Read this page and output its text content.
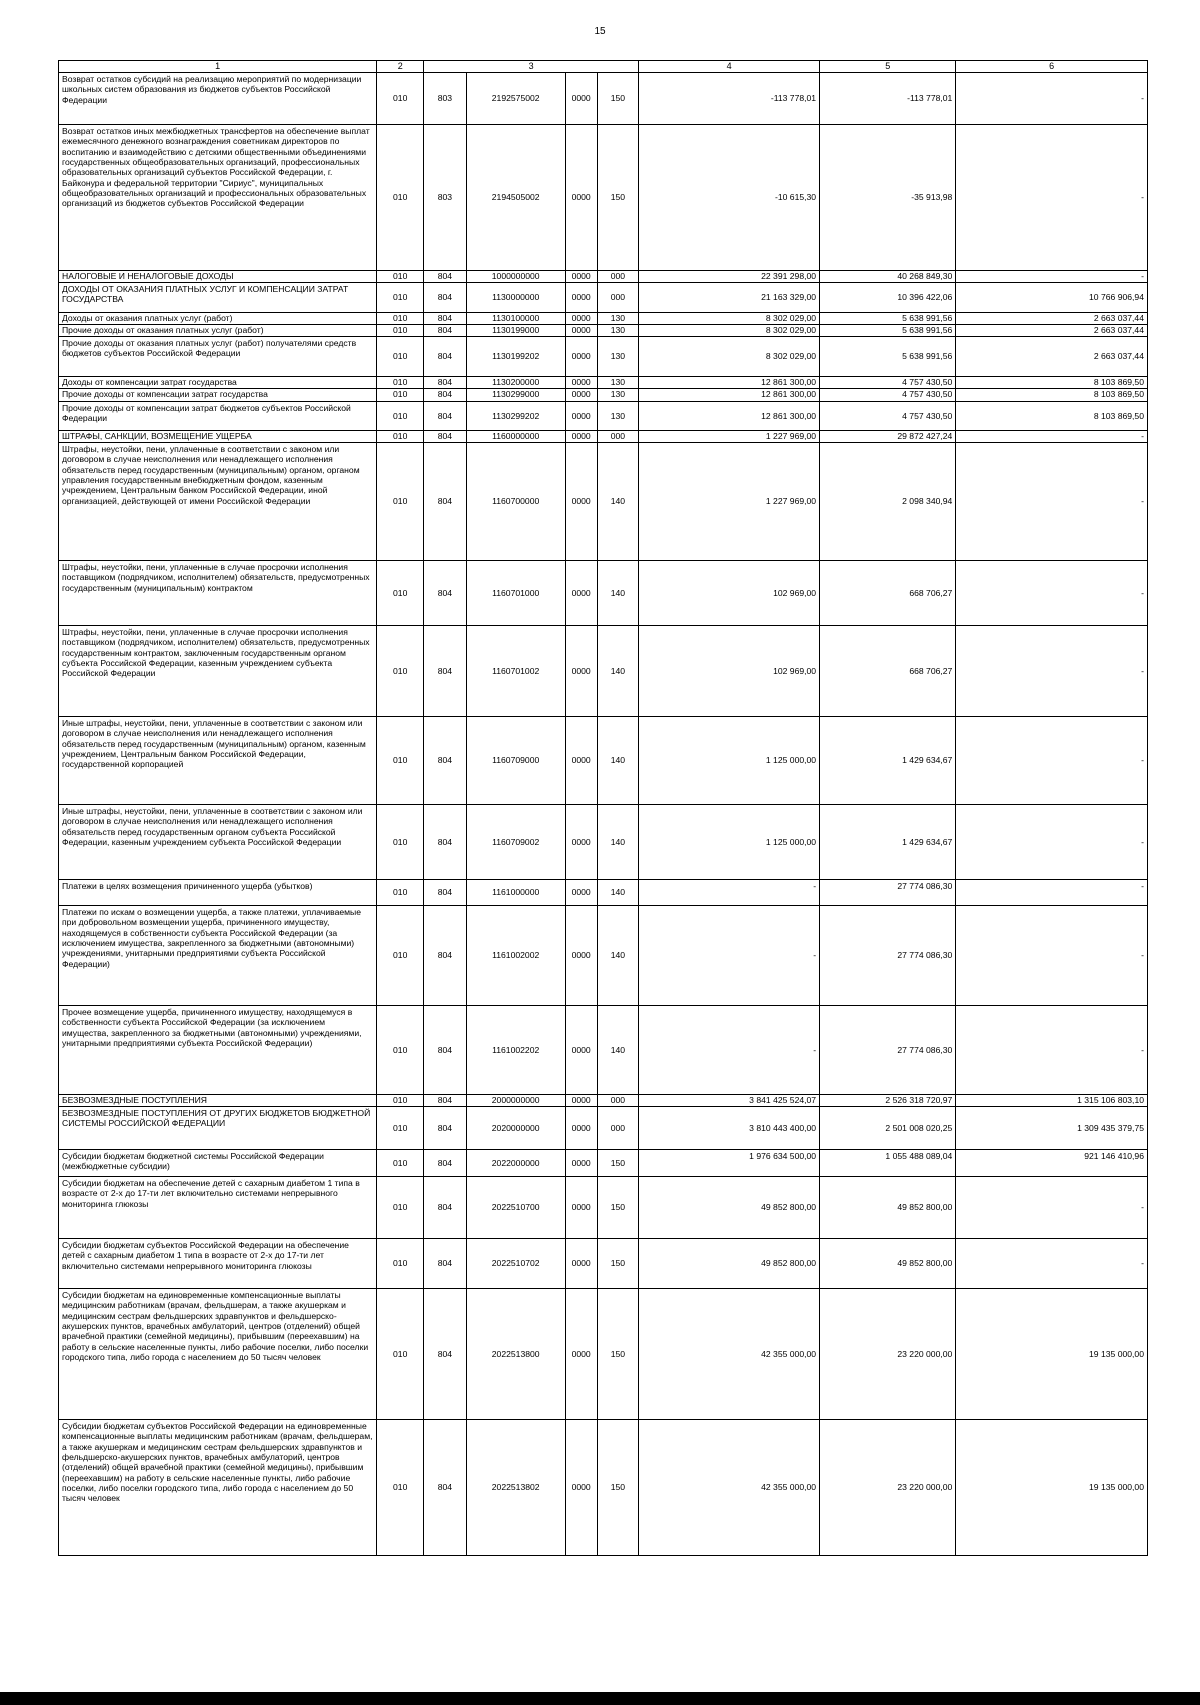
15
1	2	3				4	5	6
Возврат остатков субсидий на реализацию мероприятий по модернизации школьных систем образования из бюджетов субъектов Российской Федерации	010	803	2192575002	0000	150	-113 778,01	-113 778,01	-
Возврат остатков иных межбюджетных трансфертов на обеспечение выплат ежемесячного денежного вознаграждения советникам директоров по воспитанию и взаимодействию с детскими общественными объединениями государственных общеобразовательных организаций, профессиональных образовательных организаций субъектов Российской Федерации, г. Байконура и федеральной территории "Сириус", муниципальных общеобразовательных организаций и профессиональных образовательных организаций из бюджетов субъектов Российской Федерации	010	803	2194505002	0000	150	-10 615,30	-35 913,98	-
НАЛОГОВЫЕ И НЕНАЛОГОВЫЕ ДОХОДЫ	010	804	1000000000	0000	000	22 391 298,00	40 268 849,30	-
ДОХОДЫ ОТ ОКАЗАНИЯ ПЛАТНЫХ УСЛУГ И КОМПЕНСАЦИИ ЗАТРАТ ГОСУДАРСТВА	010	804	1130000000	0000	000	21 163 329,00	10 396 422,06	10 766 906,94
Доходы от оказания платных услуг (работ)	010	804	1130100000	0000	130	8 302 029,00	5 638 991,56	2 663 037,44
Прочие доходы от оказания платных услуг (работ)	010	804	1130199000	0000	130	8 302 029,00	5 638 991,56	2 663 037,44
Прочие доходы от оказания платных услуг (работ) получателями средств бюджетов субъектов Российской Федерации	010	804	1130199202	0000	130	8 302 029,00	5 638 991,56	2 663 037,44
Доходы от компенсации затрат государства	010	804	1130200000	0000	130	12 861 300,00	4 757 430,50	8 103 869,50
Прочие доходы от компенсации затрат государства	010	804	1130299000	0000	130	12 861 300,00	4 757 430,50	8 103 869,50
Прочие доходы от компенсации затрат бюджетов субъектов Российской Федерации	010	804	1130299202	0000	130	12 861 300,00	4 757 430,50	8 103 869,50
ШТРАФЫ, САНКЦИИ, ВОЗМЕЩЕНИЕ УЩЕРБА	010	804	1160000000	0000	000	1 227 969,00	29 872 427,24	-
Штрафы, неустойки, пени, уплаченные в соответствии с законом или договором в случае неисполнения или ненадлежащего исполнения обязательств перед государственным (муниципальным) органом, органом управления государственным внебюджетным фондом, казенным учреждением, Центральным банком Российской Федерации, иной организацией, действующей от имени Российской Федерации	010	804	1160700000	0000	140	1 227 969,00	2 098 340,94	-
Штрафы, неустойки, пени, уплаченные в случае просрочки исполнения поставщиком (подрядчиком, исполнителем) обязательств, предусмотренных государственным (муниципальным) контрактом	010	804	1160701000	0000	140	102 969,00	668 706,27	-
Штрафы, неустойки, пени, уплаченные в случае просрочки исполнения поставщиком (подрядчиком, исполнителем) обязательств, предусмотренных государственным контрактом, заключенным государственным органом субъекта Российской Федерации, казенным учреждением субъекта Российской Федерации	010	804	1160701002	0000	140	102 969,00	668 706,27	-
Иные штрафы, неустойки, пени, уплаченные в соответствии с законом или договором в случае неисполнения или ненадлежащего исполнения обязательств перед государственным (муниципальным) органом, казенным учреждением, Центральным банком Российской Федерации, государственной корпорацией	010	804	1160709000	0000	140	1 125 000,00	1 429 634,67	-
Иные штрафы, неустойки, пени, уплаченные в соответствии с законом или договором в случае неисполнения или ненадлежащего исполнения обязательств перед государственным органом субъекта Российской Федерации, казенным учреждением субъекта Российской Федерации	010	804	1160709002	0000	140	1 125 000,00	1 429 634,67	-
Платежи в целях возмещения причиненного ущерба (убытков)	010	804	1161000000	0000	140	-	27 774 086,30	-
Платежи по искам о возмещении ущерба, а также платежи, уплачиваемые при добровольном возмещении ущерба, причиненного имуществу, находящемуся в собственности субъекта Российской Федерации (за исключением имущества, закрепленного за бюджетными (автономными) учреждениями, унитарными предприятиями субъекта Российской Федерации)	010	804	1161002002	0000	140	-	27 774 086,30	-
Прочее возмещение ущерба, причиненного имуществу, находящемуся в собственности субъекта Российской Федерации (за исключением имущества, закрепленного за бюджетными (автономными) учреждениями, унитарными предприятиями субъекта Российской Федерации)	010	804	1161002202	0000	140	-	27 774 086,30	-
БЕЗВОЗМЕЗДНЫЕ ПОСТУПЛЕНИЯ	010	804	2000000000	0000	000	3 841 425 524,07	2 526 318 720,97	1 315 106 803,10
БЕЗВОЗМЕЗДНЫЕ ПОСТУПЛЕНИЯ ОТ ДРУГИХ БЮДЖЕТОВ БЮДЖЕТНОЙ СИСТЕМЫ РОССИЙСКОЙ ФЕДЕРАЦИИ	010	804	2020000000	0000	000	3 810 443 400,00	2 501 008 020,25	1 309 435 379,75
Субсидии бюджетам бюджетной системы Российской Федерации (межбюджетные субсидии)	010	804	2022000000	0000	150	1 976 634 500,00	1 055 488 089,04	921 146 410,96
Субсидии бюджетам на обеспечение детей с сахарным диабетом 1 типа в возрасте от 2-х до 17-ти лет включительно системами непрерывного мониторинга глюкозы	010	804	2022510700	0000	150	49 852 800,00	49 852 800,00	-
Субсидии бюджетам субъектов Российской Федерации на обеспечение детей с сахарным диабетом 1 типа в возрасте от 2-х до 17-ти лет включительно системами непрерывного мониторинга глюкозы	010	804	2022510702	0000	150	49 852 800,00	49 852 800,00	-
Субсидии бюджетам на единовременные компенсационные выплаты медицинским работникам (врачам, фельдшерам, а также акушеркам и медицинским сестрам фельдшерских здравпунктов и фельдшерско-акушерских пунктов, врачебных амбулаторий, центров (отделений) общей врачебной практики (семейной медицины), прибывшим (переехавшим) на работу в сельские населенные пункты, либо рабочие поселки, либо поселки городского типа, либо города с населением до 50 тысяч человек	010	804	2022513800	0000	150	42 355 000,00	23 220 000,00	19 135 000,00
Субсидии бюджетам субъектов Российской Федерации на единовременные компенсационные выплаты медицинским работникам (врачам, фельдшерам, а также акушеркам и медицинским сестрам фельдшерских здравпунктов и фельдшерско-акушерских пунктов, врачебных амбулаторий, центров (отделений) общей врачебной практики (семейной медицины), прибывшим (переехавшим) на работу в сельские населенные пункты, либо рабочие поселки, либо поселки городского типа, либо города с населением до 50 тысяч человек	010	804	2022513802	0000	150	42 355 000,00	23 220 000,00	19 135 000,00
